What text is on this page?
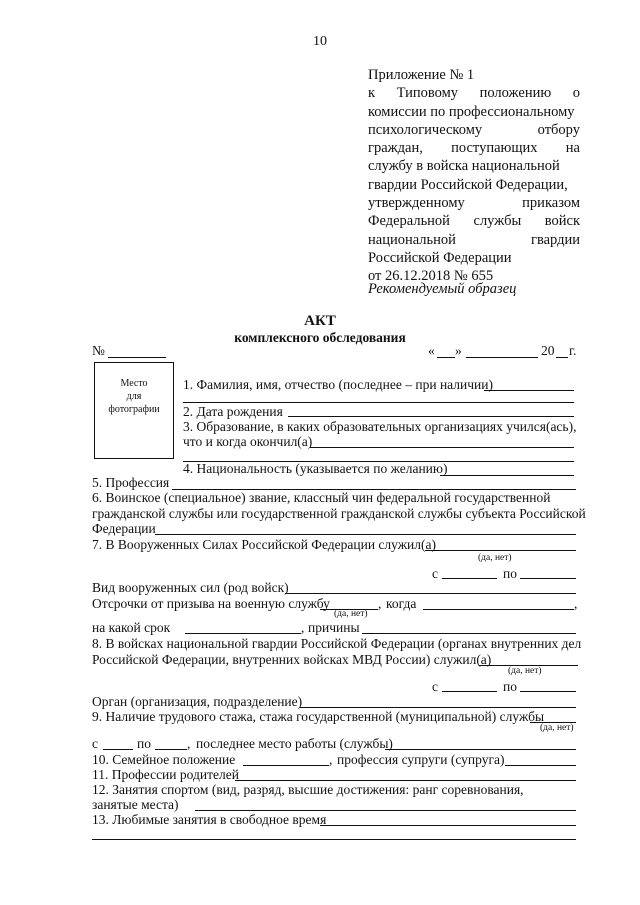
10
Приложение № 1
к Типовому положению о
комиссии по профессиональному
психологическому отбору
граждан, поступающих на
службу в войска национальной
гвардии Российской Федерации,
утвержденному приказом
Федеральной службы войск
национальной гвардии
Российской Федерации
от 26.12.2018 № 655
Рекомендуемый образец
АКТ
комплексного обследования
№	« »	20 г.
Место
для
фотографии
1. Фамилия, имя, отчество (последнее – при наличии)
2. Дата рождения
3. Образование, в каких образовательных организациях учился(ась),
что и когда окончил(а)
4. Национальность (указывается по желанию)
5. Профессия
6. Воинское (специальное) звание, классный чин федеральной государственной
гражданской службы или государственной гражданской службы субъекта Российской
Федерации
7. В Вооруженных Силах Российской Федерации служил(а)
(да, нет)
с	по
Вид вооруженных сил (род войск)
Отсрочки от призыва на военную службу	, когда	,
(да, нет)
на какой срок	, причины
8. В войсках национальной гвардии Российской Федерации (органах внутренних дел
Российской Федерации, внутренних войсках МВД России) служил(а)
(да, нет)
с	по
Орган (организация, подразделение)
9. Наличие трудового стажа, стажа государственной (муниципальной) службы
(да, нет)
с	по	, последнее место работы (службы)
10. Семейное положение	, профессия супруги (супруга)
11. Профессии родителей
12. Занятия спортом (вид, разряд, высшие достижения: ранг соревнования,
занятые места)
13. Любимые занятия в свободное время
